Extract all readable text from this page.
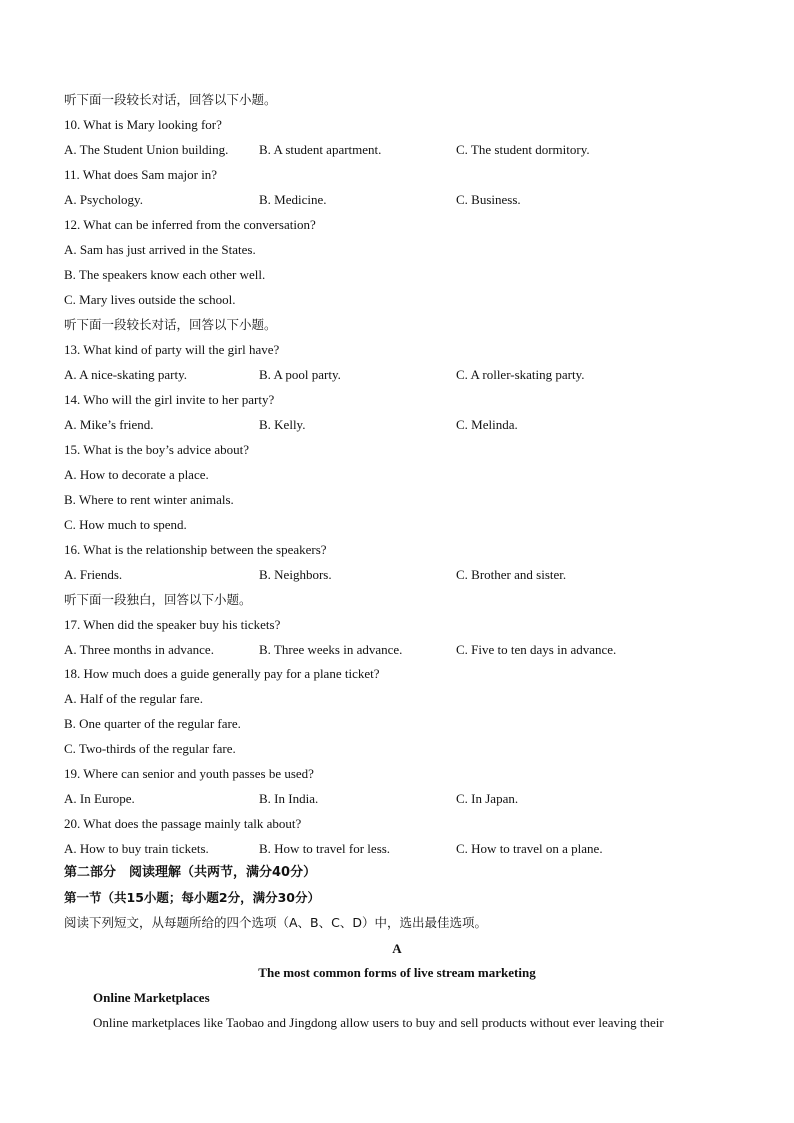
听下面一段较长对话，回答以下小题。
10. What is Mary looking for?
A. The Student Union building. B. A student apartment.	C. The student dormitory.
11. What does Sam major in?
A. Psychology.	B. Medicine.	C. Business.
12. What can be inferred from the conversation?
A. Sam has just arrived in the States.
B. The speakers know each other well.
C. Mary lives outside the school.
听下面一段较长对话，回答以下小题。
13. What kind of party will the girl have?
A. A nice-skating party.	B. A pool party.	C. A roller-skating party.
14. Who will the girl invite to her party?
A. Mike’s friend.	B. Kelly.	C. Melinda.
15. What is the boy’s advice about?
A. How to decorate a place.
B. Where to rent winter animals.
C. How much to spend.
16. What is the relationship between the speakers?
A. Friends.	B. Neighbors.	C. Brother and sister.
听下面一段独白，回答以下小题。
17. When did the speaker buy his tickets?
A. Three months in advance.	B. Three weeks in advance.	C. Five to ten days in advance.
18. How much does a guide generally pay for a plane ticket?
A. Half of the regular fare.
B. One quarter of the regular fare.
C. Two-thirds of the regular fare.
19. Where can senior and youth passes be used?
A. In Europe.	B. In India.	C. In Japan.
20. What does the passage mainly talk about?
A. How to buy train tickets.	B. How to travel for less.	C. How to travel on a plane.
第二部分　阅读理解（共两节，满分40分）
第一节（共15小题；每小题2分，满分30分）
阅读下列短文，从每题所给的四个选项（A、B、C、D）中，选出最佳选项。
A
The most common forms of live stream marketing
Online Marketplaces
Online marketplaces like Taobao and Jingdong allow users to buy and sell products without ever leaving their
